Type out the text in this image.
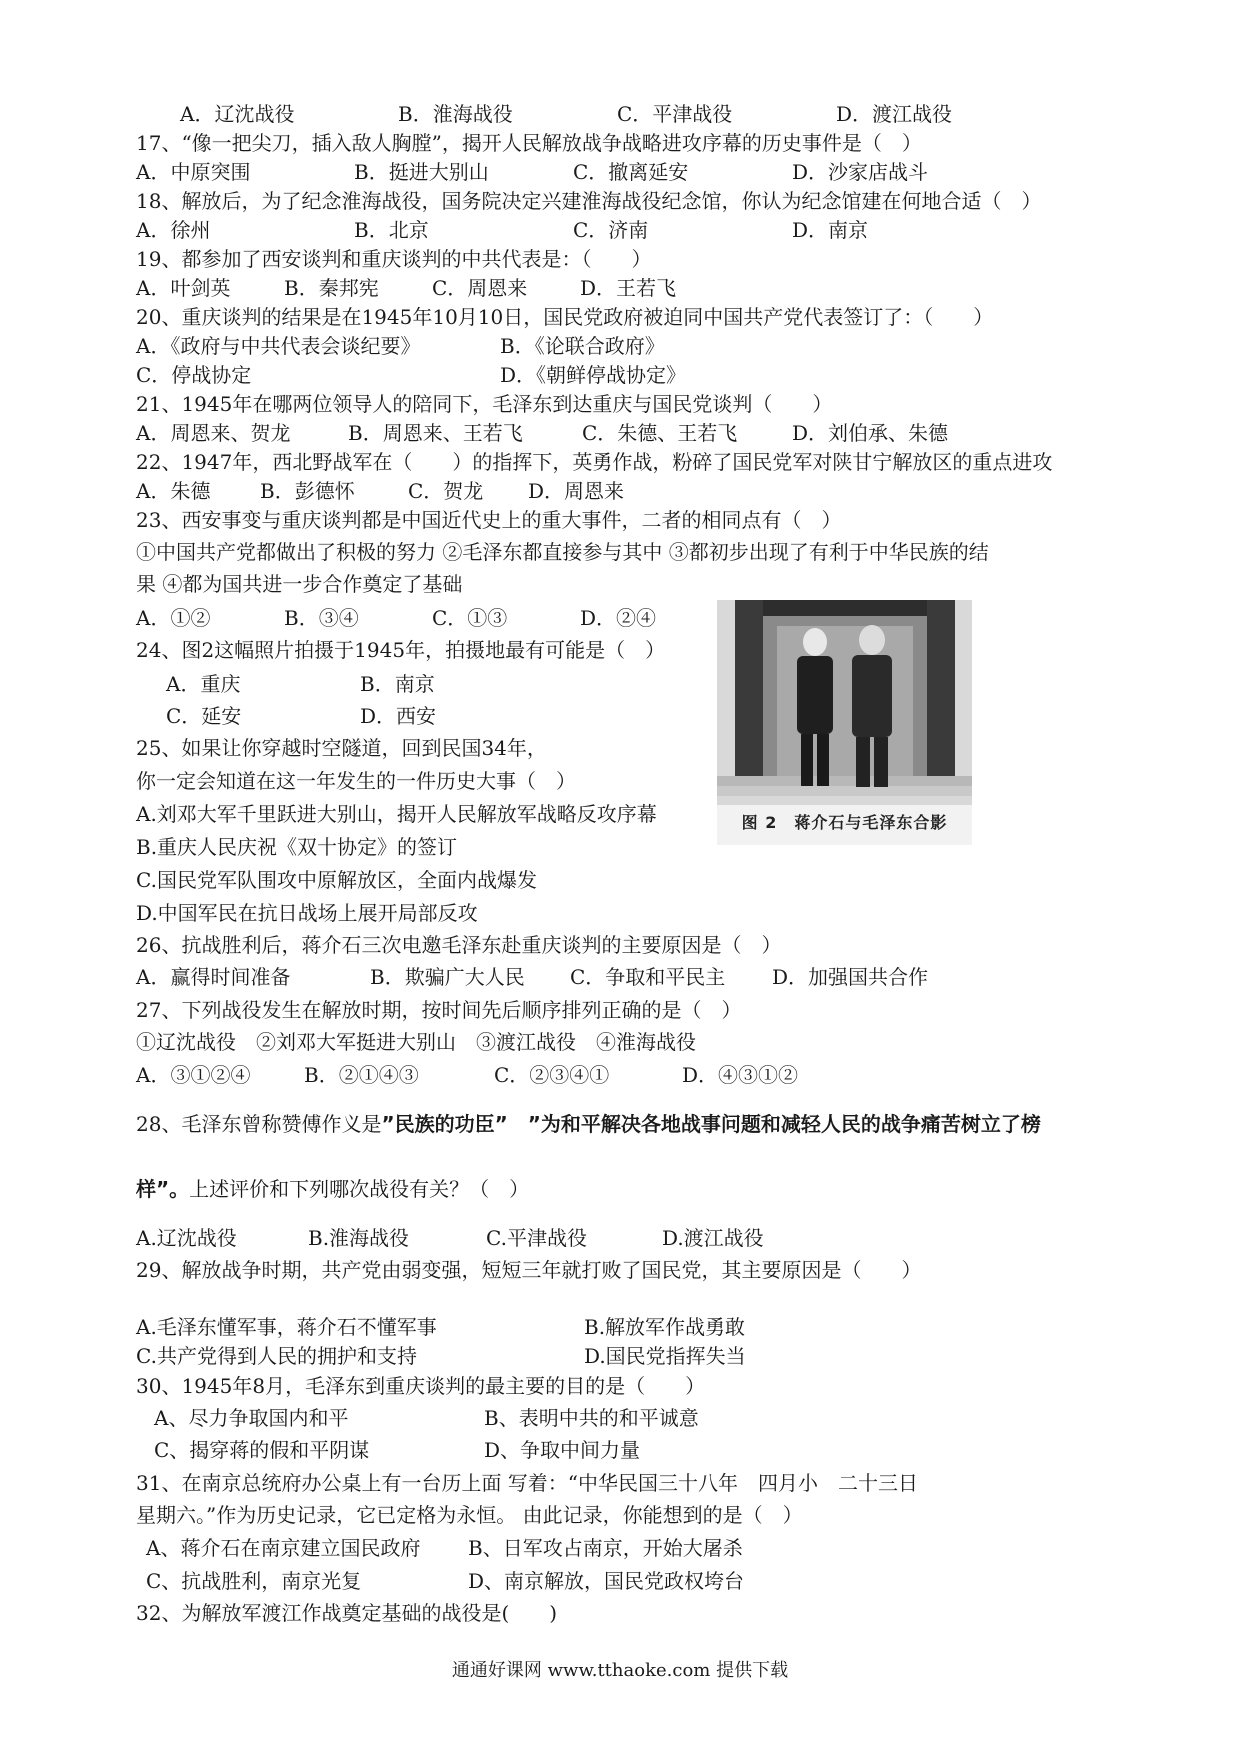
A．辽沈战役	B．淮海战役	C．平津战役	D．渡江战役
17、“像一把尖刀，插入敌人胸膛”，揭开人民解放战争战略进攻序幕的历史事件是（　）
A．中原突围	B．挺进大别山	C．撤离延安	D．沙家店战斗
18、解放后，为了纪念淮海战役，国务院决定兴建淮海战役纪念馆，你认为纪念馆建在何地合适（　）
A．徐州	B．北京	C．济南	D．南京
19、都参加了西安谈判和重庆谈判的中共代表是：（　　）
A．叶剑英	B．秦邦宪	C．周恩来	D．王若飞
20、重庆谈判的结果是在1945年10月10日，国民党政府被迫同中国共产党代表签订了：（　　）
A．《政府与中共代表会谈纪要》	B．《论联合政府》
C．停战协定	D．《朝鲜停战协定》
21、1945年在哪两位领导人的陪同下，毛泽东到达重庆与国民党谈判（　　）
A．周恩来、贺龙	B．周恩来、王若飞	C．朱德、王若飞	D．刘伯承、朱德
22、1947年，西北野战军在（　　）的指挥下，英勇作战，粉碎了国民党军对陕甘宁解放区的重点进攻
A．朱德 B．彭德怀	C．贺龙 D．周恩来
23、西安事变与重庆谈判都是中国近代史上的重大事件，二者的相同点有（　）
①中国共产党都做出了积极的努力 ②毛泽东都直接参与其中 ③都初步出现了有利于中华民族的结
果 ④都为国共进一步合作奠定了基础
A．①②	B．③④	C．①③	D．②④
图 2　蒋介石与毛泽东合影
24、图2这幅照片拍摄于1945年，拍摄地最有可能是（　）
A．重庆	B．南京
C．延安	D．西安
25、如果让你穿越时空隧道，回到民国34年，
你一定会知道在这一年发生的一件历史大事（　）
A.刘邓大军千里跃进大别山，揭开人民解放军战略反攻序幕
B.重庆人民庆祝《双十协定》的签订
C.国民党军队围攻中原解放区，全面内战爆发
D.中国军民在抗日战场上展开局部反攻
26、抗战胜利后，蒋介石三次电邀毛泽东赴重庆谈判的主要原因是（　）
A．赢得时间准备	B．欺骗广大人民 C．争取和平民主 D．加强国共合作
27、下列战役发生在解放时期，按时间先后顺序排列正确的是（　）
①辽沈战役　②刘邓大军挺进大别山　③渡江战役　④淮海战役
A．③①②④	B．②①④③	C．②③④①	D．④③①②
28、毛泽东曾称赞傅作义是”民族的功臣”　”为和平解决各地战事问题和减轻人民的战争痛苦树立了榜
样”。上述评价和下列哪次战役有关？（　）
A.辽沈战役	B.淮海战役	C.平津战役	D.渡江战役
29、解放战争时期，共产党由弱变强，短短三年就打败了国民党，其主要原因是（　　）
A.毛泽东懂军事，蒋介石不懂军事	B.解放军作战勇敢
C.共产党得到人民的拥护和支持	D.国民党指挥失当
30、1945年8月，毛泽东到重庆谈判的最主要的目的是（　　）
A、尽力争取国内和平	B、表明中共的和平诚意
C、揭穿蒋的假和平阴谋	D、争取中间力量
31、在南京总统府办公桌上有一台历上面 写着：“中华民国三十八年　四月小　二十三日
星期六。”作为历史记录，它已定格为永恒。 由此记录，你能想到的是（　）
A、蒋介石在南京建立国民政府 B、日军攻占南京，开始大屠杀
C、抗战胜利，南京光复	D、南京解放，国民党政权垮台
32、为解放军渡江作战奠定基础的战役是(　　)
通通好课网 www.tthaoke.com 提供下载
